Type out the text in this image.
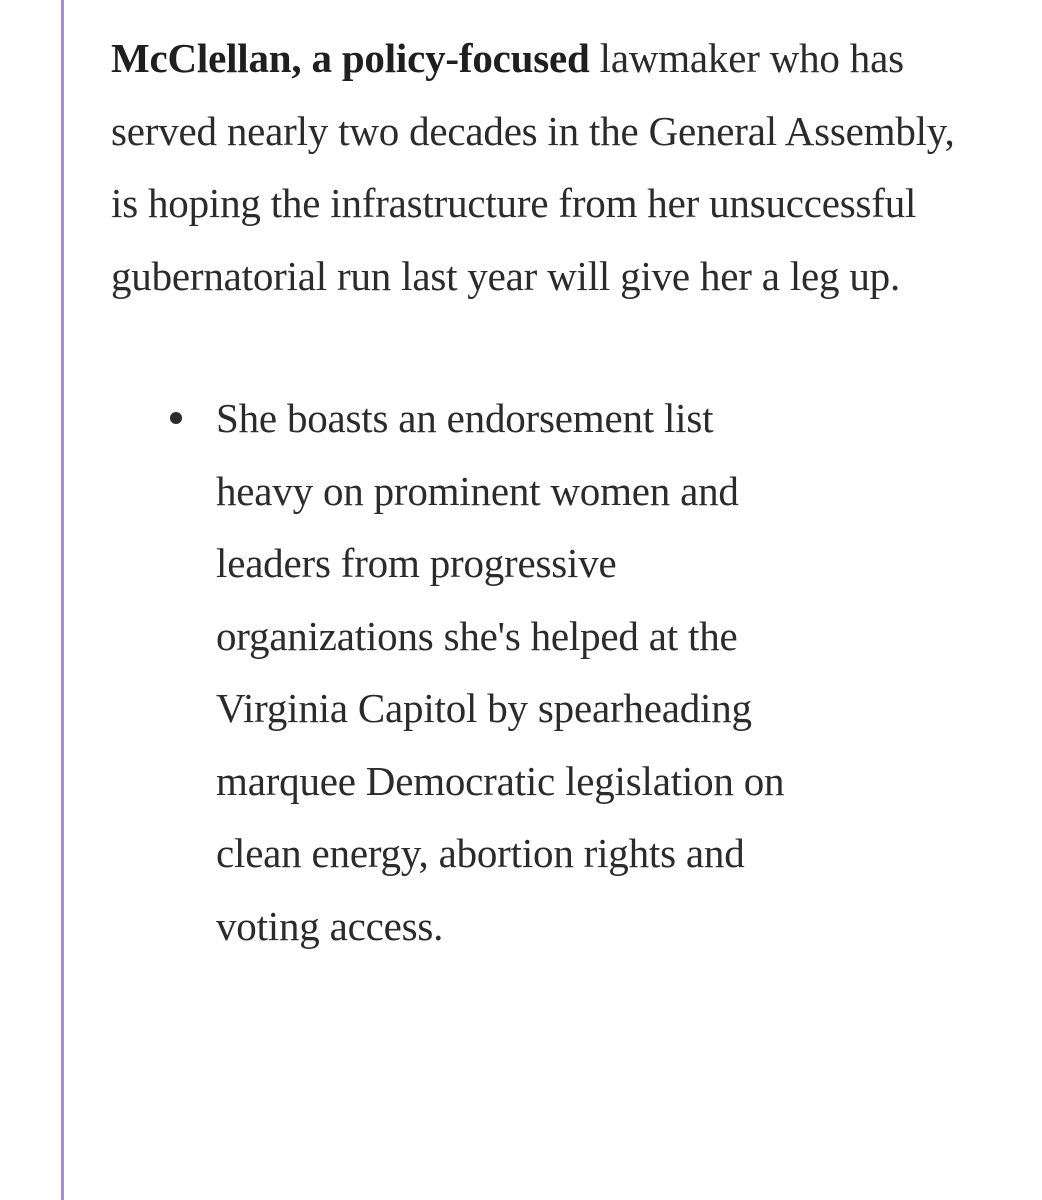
McClellan, a policy-focused lawmaker who has served nearly two decades in the General Assembly, is hoping the infrastructure from her unsuccessful gubernatorial run last year will give her a leg up.

She boasts an endorsement list heavy on prominent women and leaders from progressive organizations she's helped at the Virginia Capitol by spearheading marquee Democratic legislation on clean energy, abortion rights and voting access.
